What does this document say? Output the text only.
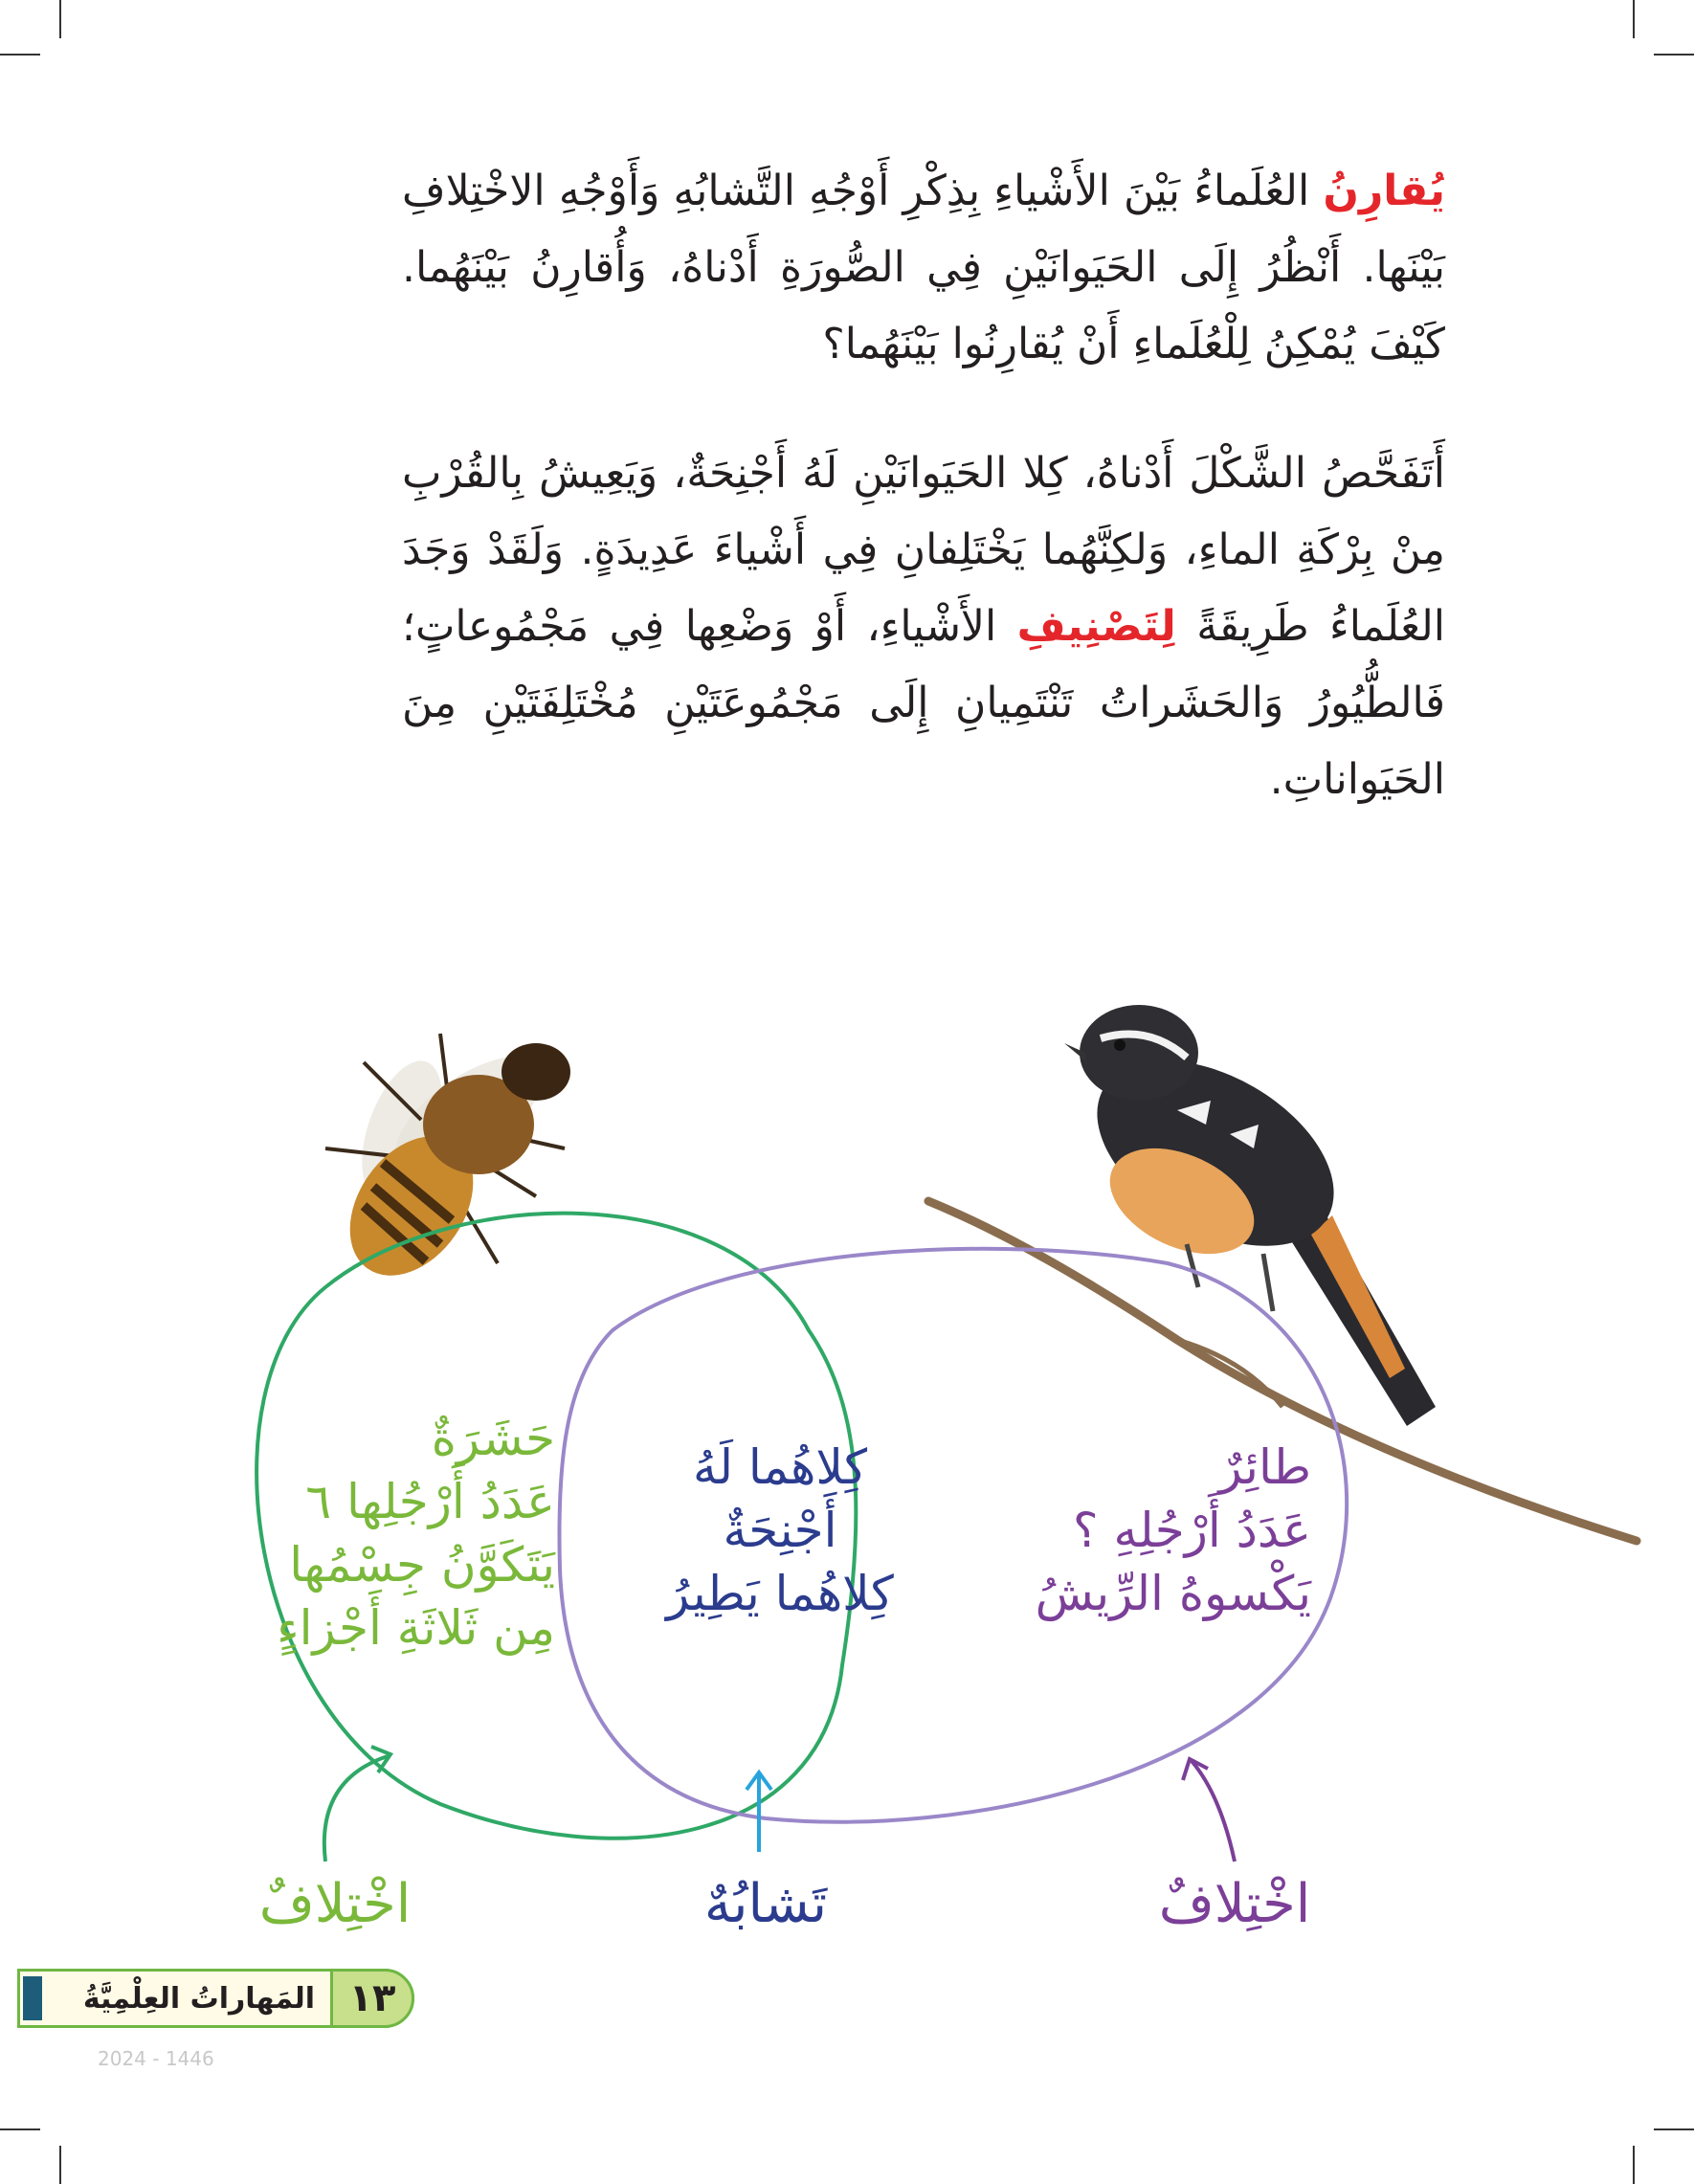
يُقارِنُ العُلَماءُ بَيْنَ الأَشْياءِ بِذِكْرِ أَوْجُهِ التَّشابُهِ وَأَوْجُهِ الاخْتِلافِ بَيْنَها. أَنْظُرُ إِلَى الحَيَوانَيْنِ فِي الصُّورَةِ أَدْناهُ، وَأُقارِنُ بَيْنَهُما. كَيْفَ يُمْكِنُ لِلْعُلَماءِ أَنْ يُقارِنُوا بَيْنَهُما؟

أَتَفَحَّصُ الشَّكْلَ أَدْناهُ، كِلا الحَيَوانَيْنِ لَهُ أَجْنِحَةٌ، وَيَعِيشُ بِالقُرْبِ مِنْ بِرْكَةِ الماءِ، وَلكِنَّهُما يَخْتَلِفانِ فِي أَشْياءَ عَدِيدَةٍ. وَلَقَدْ وَجَدَ العُلَماءُ طَرِيقَةً لِتَصْنِيفِ الأَشْياءِ، أَوْ وَضْعِها فِي مَجْمُوعاتٍ؛ فَالطُّيُورُ وَالحَشَراتُ تَنْتَمِيانِ إِلَى مَجْمُوعَتَيْنِ مُخْتَلِفَتَيْنِ مِنَ الحَيَواناتِ.

حَشَرَةٌ
عَدَدُ أَرْجُلِها ٦
يَتَكَوَّنُ جِسْمُها
مِن ثَلاثَةِ أَجْزاءٍ
كِلاهُما لَهُ
أَجْنِحَةٌ
كِلاهُما يَطِيرُ
طائِرٌ
عَدَدُ أَرْجُلِهِ ؟
يَكْسوهُ الرِّيشُ
اخْتِلافٌ	تَشابُهٌ	اخْتِلافٌ
المَهاراتُ العِلْمِيَّةُ ١٣
2024 - 1446
